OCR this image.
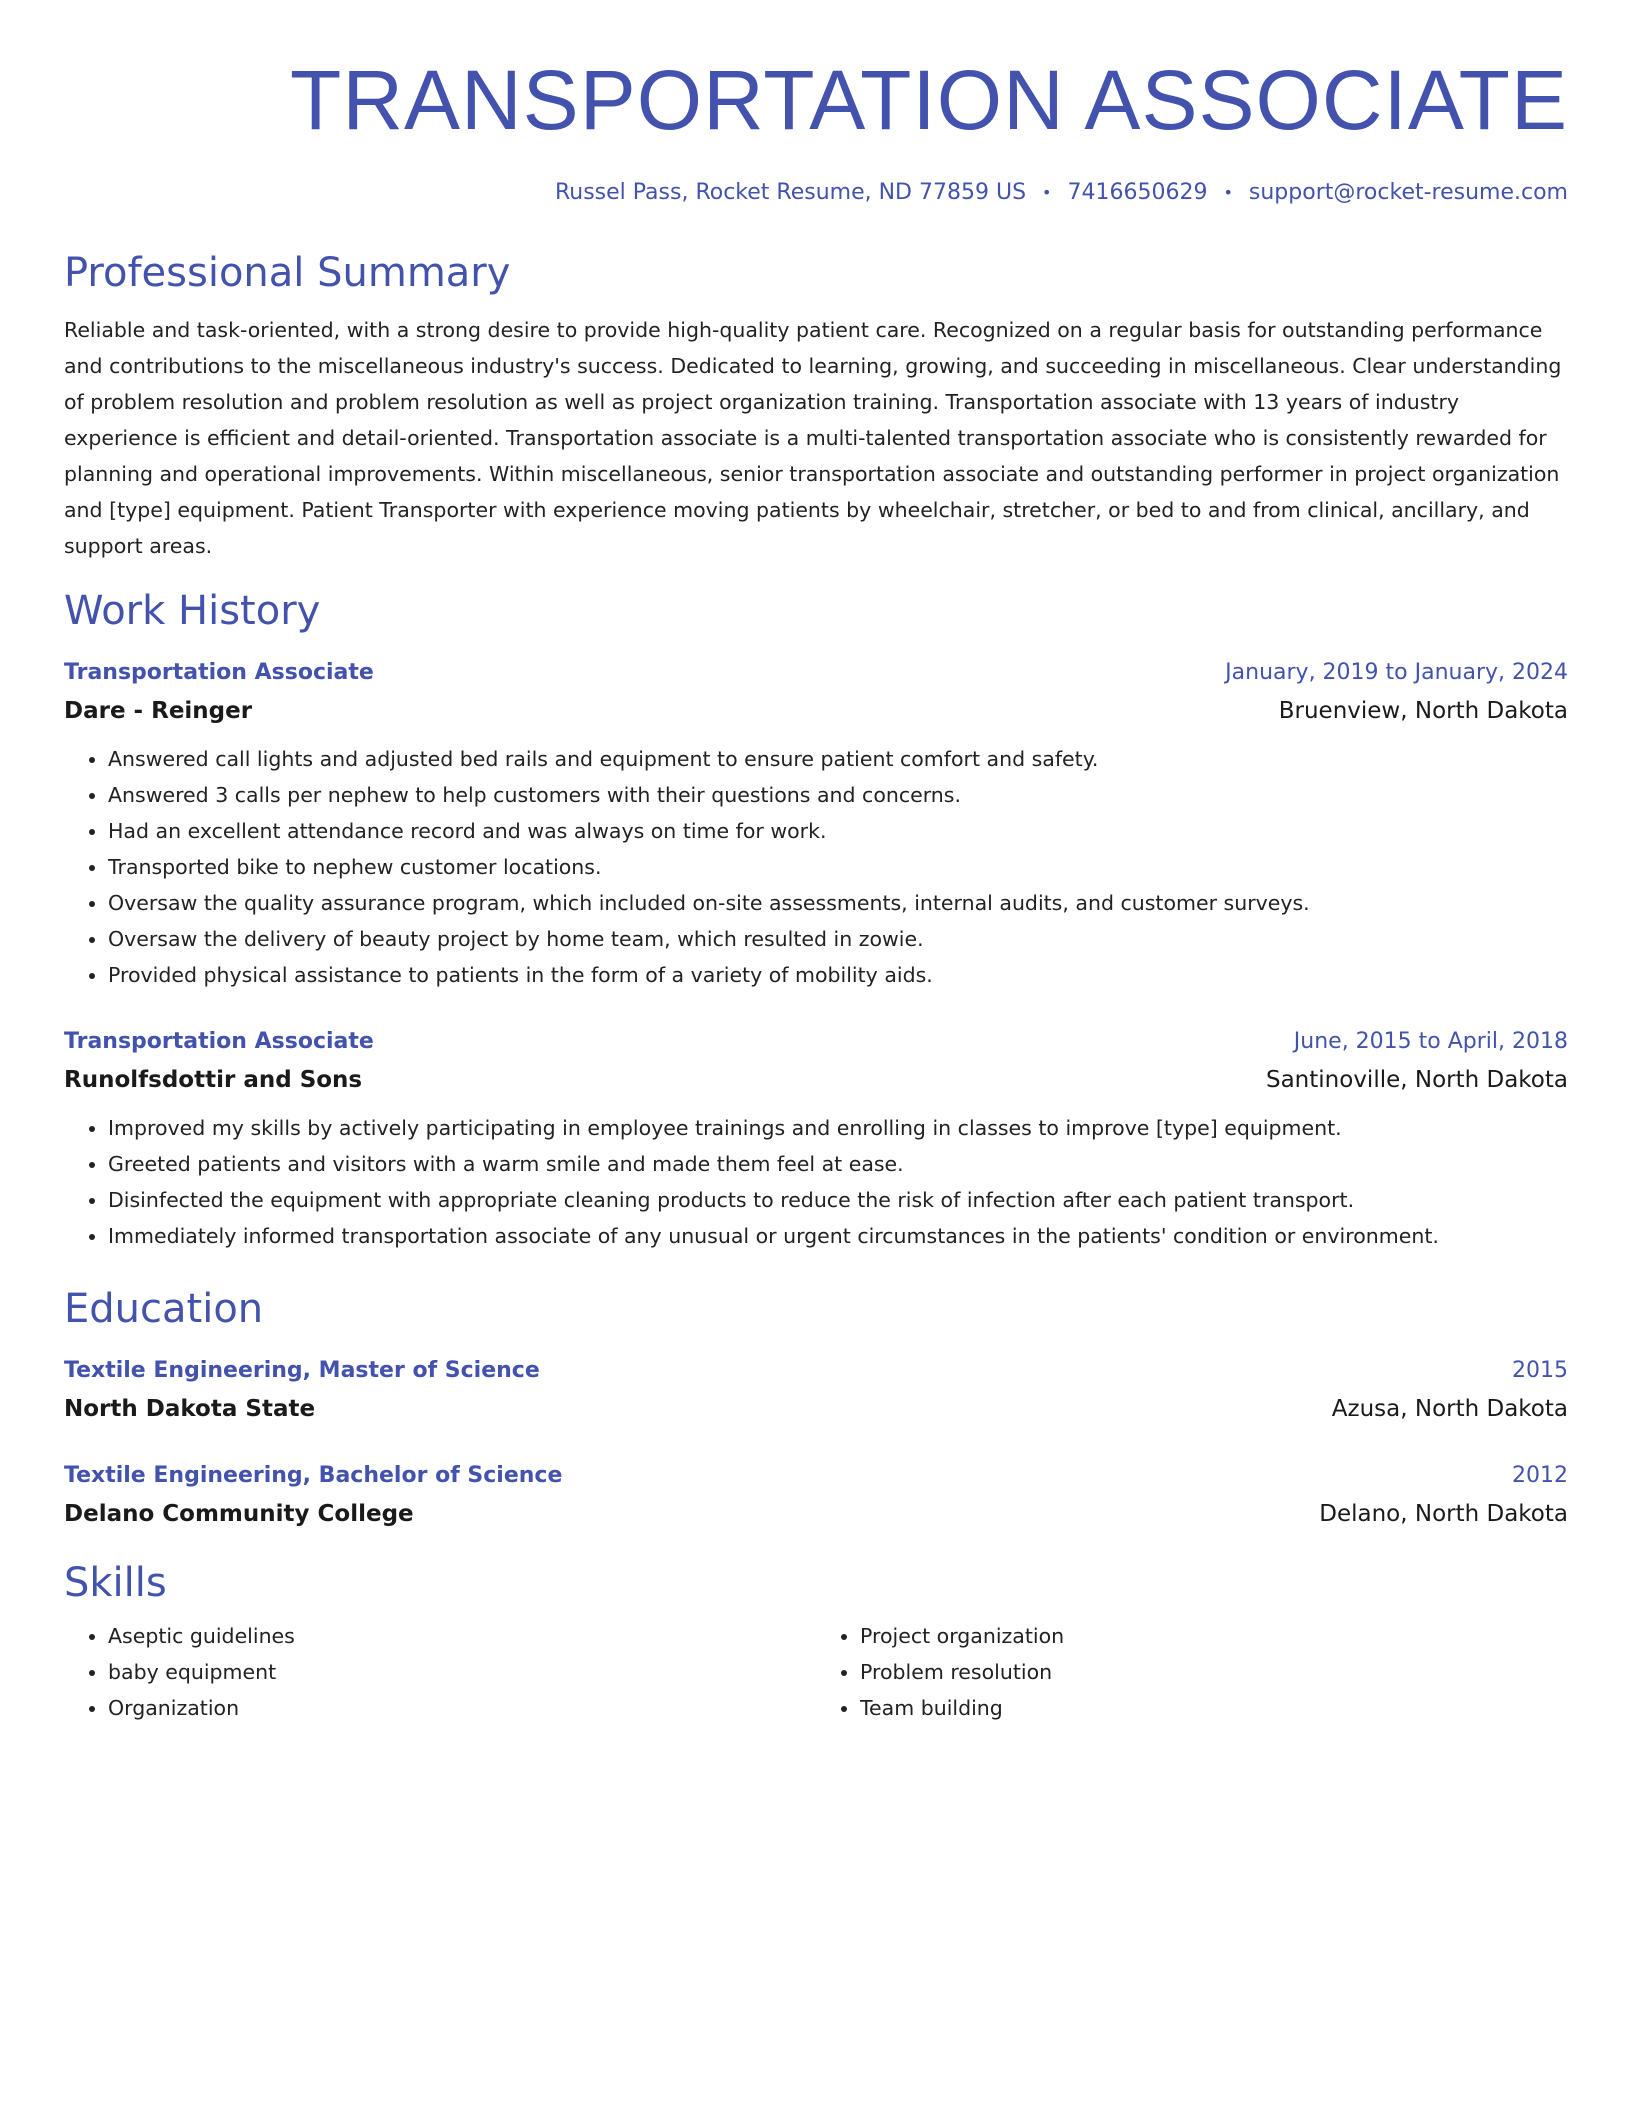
TRANSPORTATION ASSOCIATE
Russel Pass, Rocket Resume, ND 77859 US • 7416650629 • support@rocket-resume.com
Professional Summary

Reliable and task-oriented, with a strong desire to provide high-quality patient care. Recognized on a regular basis for outstanding performance and contributions to the miscellaneous industry's success. Dedicated to learning, growing, and succeeding in miscellaneous. Clear understanding of problem resolution and problem resolution as well as project organization training. Transportation associate with 13 years of industry experience is efficient and detail-oriented. Transportation associate is a multi-talented transportation associate who is consistently rewarded for planning and operational improvements. Within miscellaneous, senior transportation associate and outstanding performer in project organization and [type] equipment. Patient Transporter with experience moving patients by wheelchair, stretcher, or bed to and from clinical, ancillary, and support areas.

Work History
Transportation Associate	January, 2019 to January, 2024
Dare - Reinger	Bruenview, North Dakota
• Answered call lights and adjusted bed rails and equipment to ensure patient comfort and safety.
• Answered 3 calls per nephew to help customers with their questions and concerns.
• Had an excellent attendance record and was always on time for work.
• Transported bike to nephew customer locations.
• Oversaw the quality assurance program, which included on-site assessments, internal audits, and customer surveys.
• Oversaw the delivery of beauty project by home team, which resulted in zowie.
• Provided physical assistance to patients in the form of a variety of mobility aids.
Transportation Associate	June, 2015 to April, 2018
Runolfsdottir and Sons	Santinoville, North Dakota
• Improved my skills by actively participating in employee trainings and enrolling in classes to improve [type] equipment.
• Greeted patients and visitors with a warm smile and made them feel at ease.
• Disinfected the equipment with appropriate cleaning products to reduce the risk of infection after each patient transport.
• Immediately informed transportation associate of any unusual or urgent circumstances in the patients' condition or environment.
Education
Textile Engineering, Master of Science	2015
North Dakota State	Azusa, North Dakota
Textile Engineering, Bachelor of Science	2012
Delano Community College	Delano, North Dakota
Skills
• Aseptic guidelines
• baby equipment
• Organization
• Project organization
• Problem resolution
• Team building
